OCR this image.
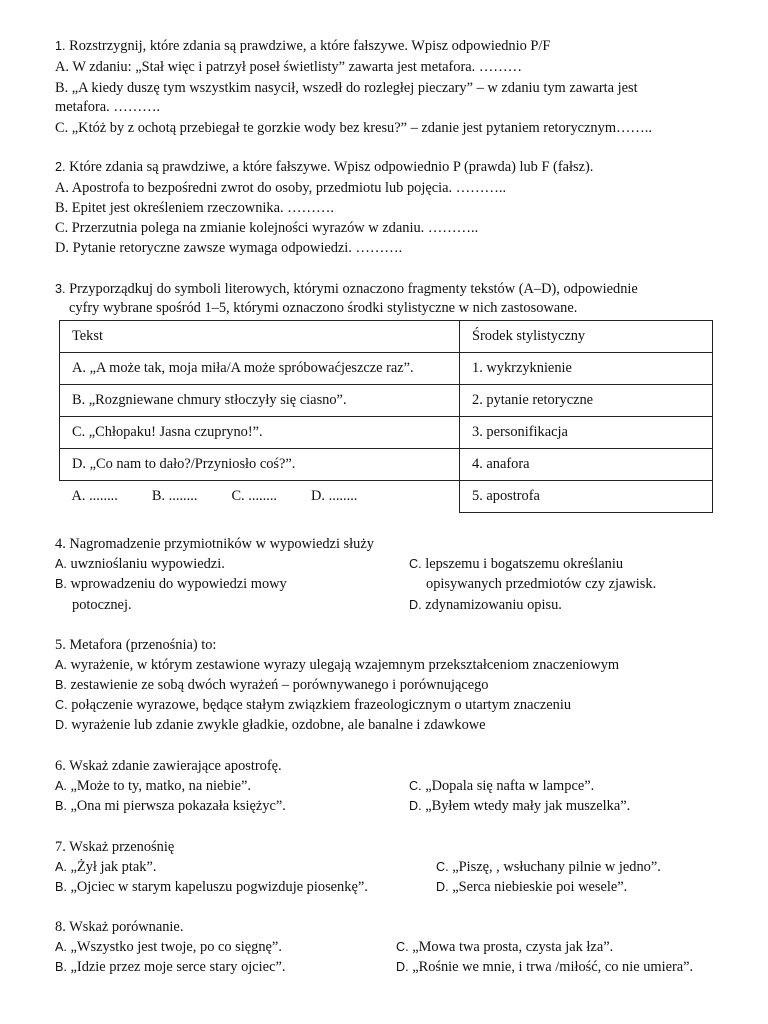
1. Rozstrzygnij, które zdania są prawdziwe, a które fałszywe. Wpisz odpowiednio P/F
A. W zdaniu: „Stał więc i patrzył poseł świetlisty” zawarta jest metafora. ………
B. „A kiedy duszę tym wszystkim nasycił, wszedł do rozległej pieczary” – w zdaniu tym zawarta jest
metafora. ……….
C. „Któż by z ochotą przebiegał te gorzkie wody bez kresu?” – zdanie jest pytaniem retorycznym……..
2. Które zdania są prawdziwe, a które fałszywe. Wpisz odpowiednio P (prawda) lub F (fałsz).
A. Apostrofa to bezpośredni zwrot do osoby, przedmiotu lub pojęcia. ………..
B. Epitet jest określeniem rzeczownika. ……….
C. Przerzutnia polega na zmianie kolejności wyrazów w zdaniu. ………..
D. Pytanie retoryczne zawsze wymaga odpowiedzi. ……….
3. Przyporządkuj do symboli literowych, którymi oznaczono fragmenty tekstów (A–D), odpowiednie
cyfry wybrane spośród 1–5, którymi oznaczono środki stylistyczne w nich zastosowane.
Tekst	Środek stylistyczny
A. „A może tak, moja miła/A może spróbowaćjeszcze raz”.	1. wykrzyknienie
B. „Rozgniewane chmury stłoczyły się ciasno”.	2. pytanie retoryczne
C. „Chłopaku! Jasna czupryno!”.	3. personifikacja
D. „Co nam to dało?/Przyniosło coś?”.	4. anafora
A. ........ B. ........ C. ........ D. ........	5. apostrofa
4. Nagromadzenie przymiotników w wypowiedzi służy
A. uwznioślaniu wypowiedzi.
B. wprowadzeniu do wypowiedzi mowy
potocznej.
C. lepszemu i bogatszemu określaniu
opisywanych przedmiotów czy zjawisk.
D. zdynamizowaniu opisu.
5. Metafora (przenośnia) to:
A. wyrażenie, w którym zestawione wyrazy ulegają wzajemnym przekształceniom znaczeniowym
B. zestawienie ze sobą dwóch wyrażeń – porównywanego i porównującego
C. połączenie wyrazowe, będące stałym związkiem frazeologicznym o utartym znaczeniu
D. wyrażenie lub zdanie zwykle gładkie, ozdobne, ale banalne i zdawkowe
6. Wskaż zdanie zawierające apostrofę.
A. „Może to ty, matko, na niebie”.
B. „Ona mi pierwsza pokazała księżyc”.
C. „Dopala się nafta w lampce”.
D. „Byłem wtedy mały jak muszelka”.
7. Wskaż przenośnię
A. „Żył jak ptak”.
B. „Ojciec w starym kapeluszu pogwizduje piosenkę”.
C. „Piszę, , wsłuchany pilnie w jedno”.
D. „Serca niebieskie poi wesele”.
8. Wskaż porównanie.
A. „Wszystko jest twoje, po co sięgnę”.
B. „Idzie przez moje serce stary ojciec”.
C. „Mowa twa prosta, czysta jak łza”.
D. „Rośnie we mnie, i trwa /miłość, co nie umiera”.
